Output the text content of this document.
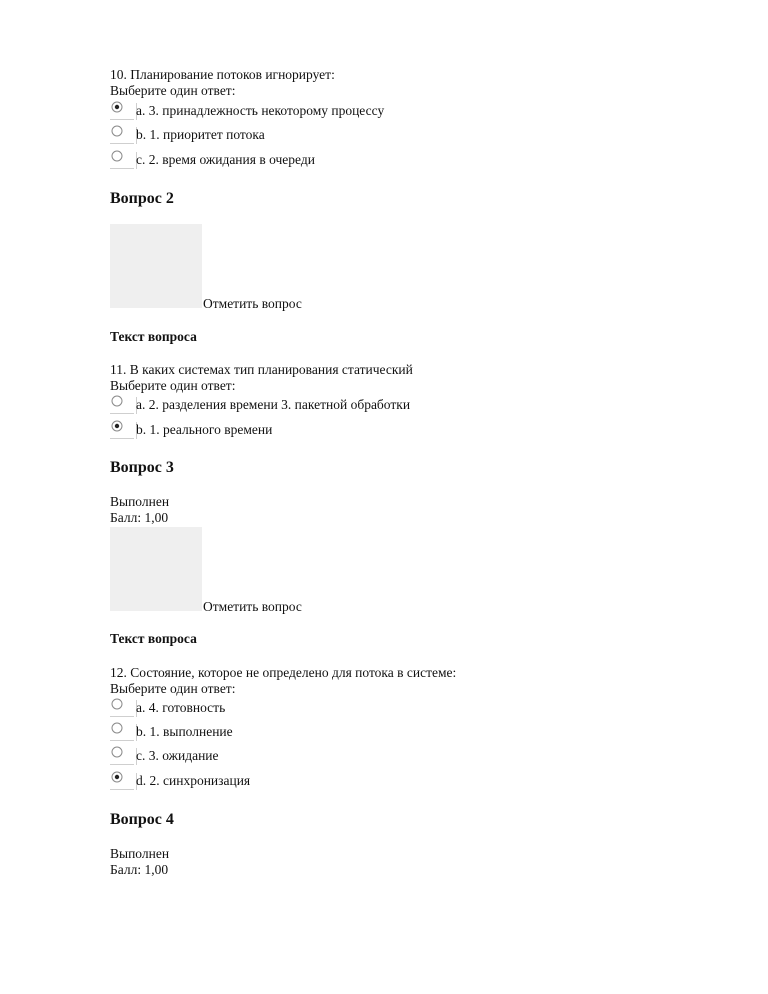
10. Планирование потоков игнорирует:
Выберите один ответ:
a. 3. принадлежность некоторому процессу
b. 1. приоритет потока
c. 2. время ожидания в очереди
Вопрос 2
Отметить вопрос
Текст вопроса
11. В каких системах тип планирования статический
Выберите один ответ:
a. 2. разделения времени 3. пакетной обработки
b. 1. реального времени
Вопрос 3
Выполнен
Балл: 1,00
Отметить вопрос
Текст вопроса
12. Состояние, которое не определено для потока в системе:
Выберите один ответ:
a. 4. готовность
b. 1. выполнение
c. 3. ожидание
d. 2. синхронизация
Вопрос 4
Выполнен
Балл: 1,00
